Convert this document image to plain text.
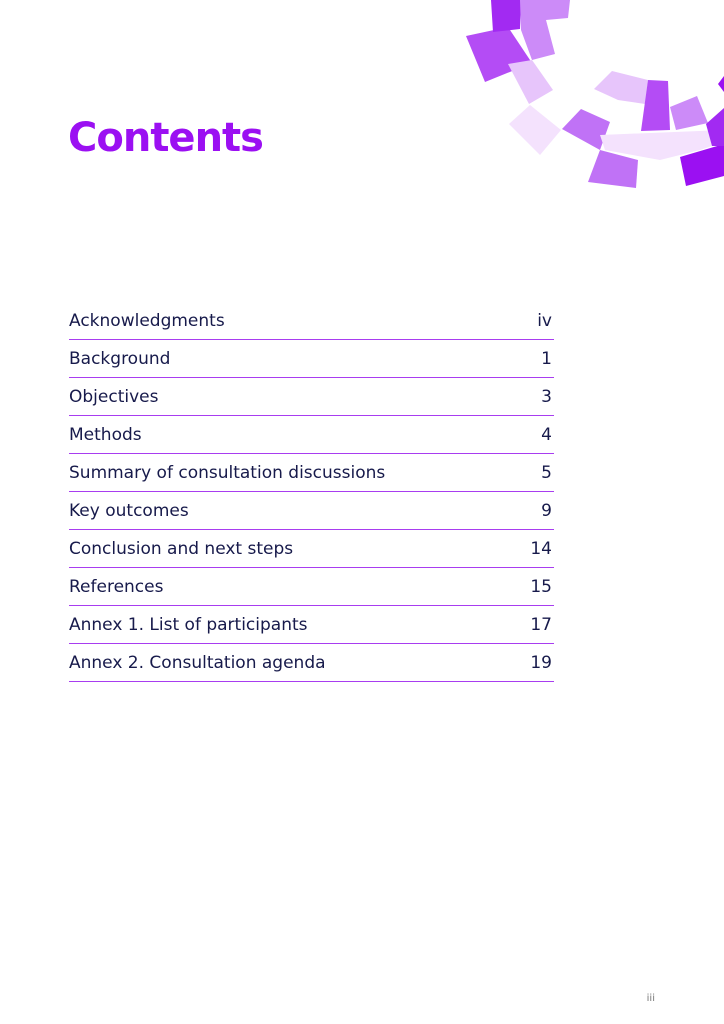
Contents
Acknowledgments	iv
Background	1
Objectives	3
Methods	4
Summary of consultation discussions	5
Key outcomes	9
Conclusion and next steps	14
References	15
Annex 1. List of participants	17
Annex 2. Consultation agenda	19
iii
